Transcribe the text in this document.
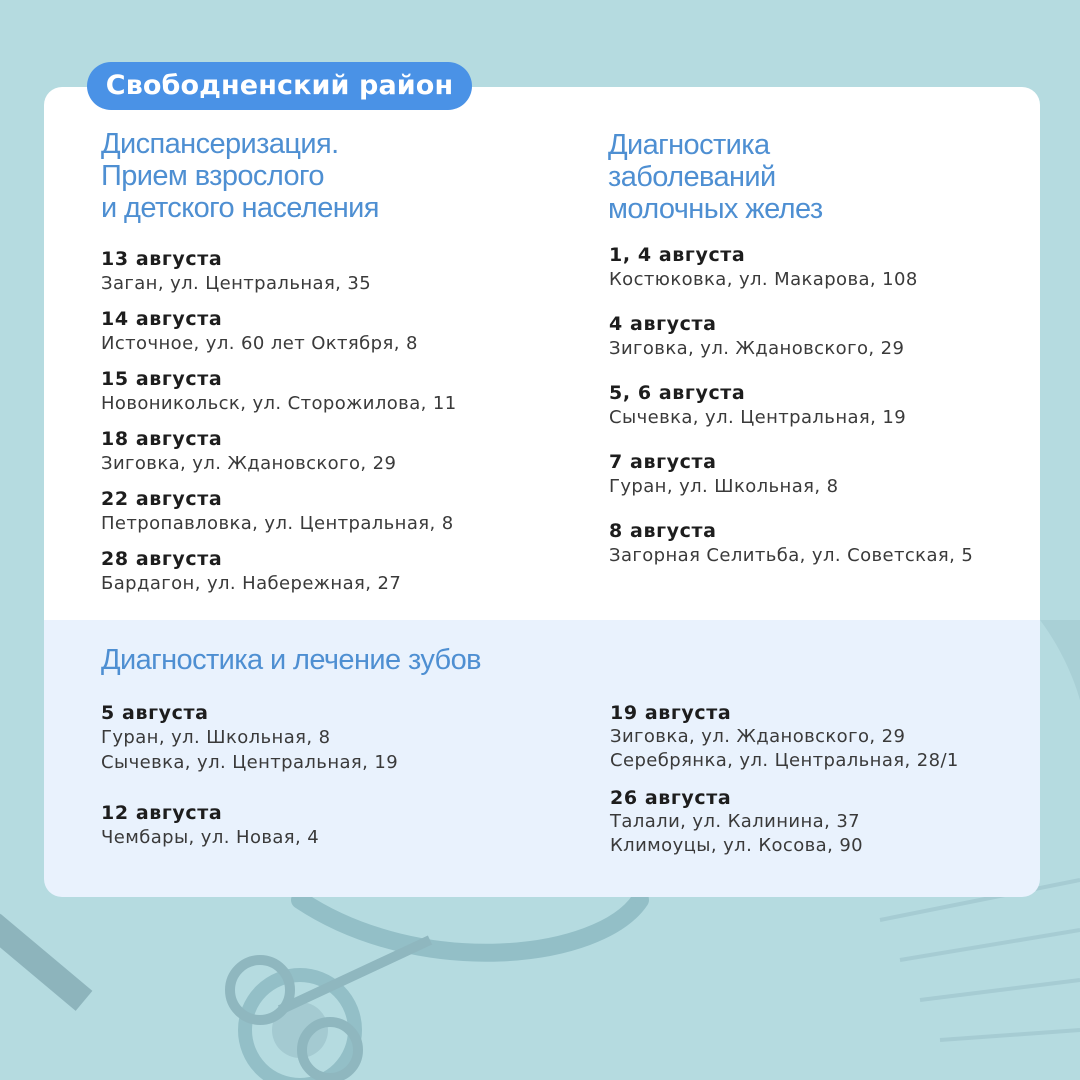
Свободненский район
Диспансеризация.
Прием взрослого
и детского населения
Диагностика
заболеваний
молочных желез
13 августа
Заган, ул. Центральная, 35
14 августа
Источное, ул. 60 лет Октября, 8
15 августа
Новоникольск, ул. Сторожилова, 11
18 августа
Зиговка, ул. Ждановского, 29
22 августа
Петропавловка, ул. Центральная, 8
28 августа
Бардагон, ул. Набережная, 27
1, 4 августа
Костюковка, ул. Макарова, 108
4 августа
Зиговка, ул. Ждановского, 29
5, 6 августа
Сычевка, ул. Центральная, 19
7 августа
Гуран, ул. Школьная, 8
8 августа
Загорная Селитьба, ул. Советская, 5
Диагностика и лечение зубов
5 августа
Гуран, ул. Школьная, 8
Сычевка, ул. Центральная, 19
12 августа
Чембары, ул. Новая, 4
19 августа
Зиговка, ул. Ждановского, 29
Серебрянка, ул. Центральная, 28/1
26 августа
Талали, ул. Калинина, 37
Климоуцы, ул. Косова, 90
